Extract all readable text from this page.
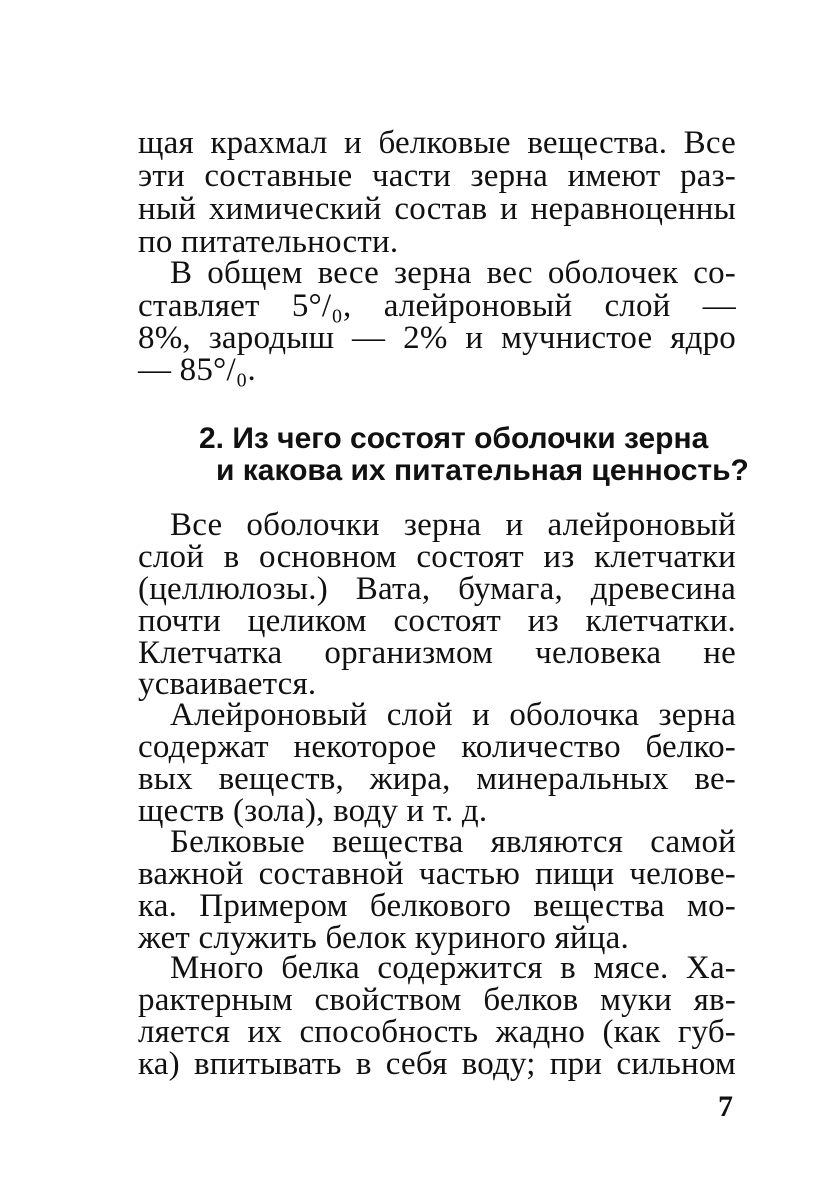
щая крахмал и белковые вещества. Все
эти составные части зерна имеют раз-
ный химический состав и неравноценны
по питательности.
В общем весе зерна вес оболочек со-
ставляет 5°/₀, алейроновый слой —
8%, зародыш — 2% и мучнистое ядро
— 85°/₀.
2. Из чего состоят оболочки зерна
и какова их питательная ценность?
Все оболочки зерна и алейроновый
слой в основном состоят из клетчатки
(целлюлозы.) Вата, бумага, древесина
почти целиком состоят из клетчатки.
Клетчатка организмом человека не
усваивается.
Алейроновый слой и оболочка зерна
содержат некоторое количество белко-
вых веществ, жира, минеральных ве-
ществ (зола), воду и т. д.
Белковые вещества являются самой
важной составной частью пищи челове-
ка. Примером белкового вещества мо-
жет служить белок куриного яйца.
Много белка содержится в мясе. Ха-
рактерным свойством белков муки яв-
ляется их способность жадно (как губ-
ка) впитывать в себя воду; при сильном
7
